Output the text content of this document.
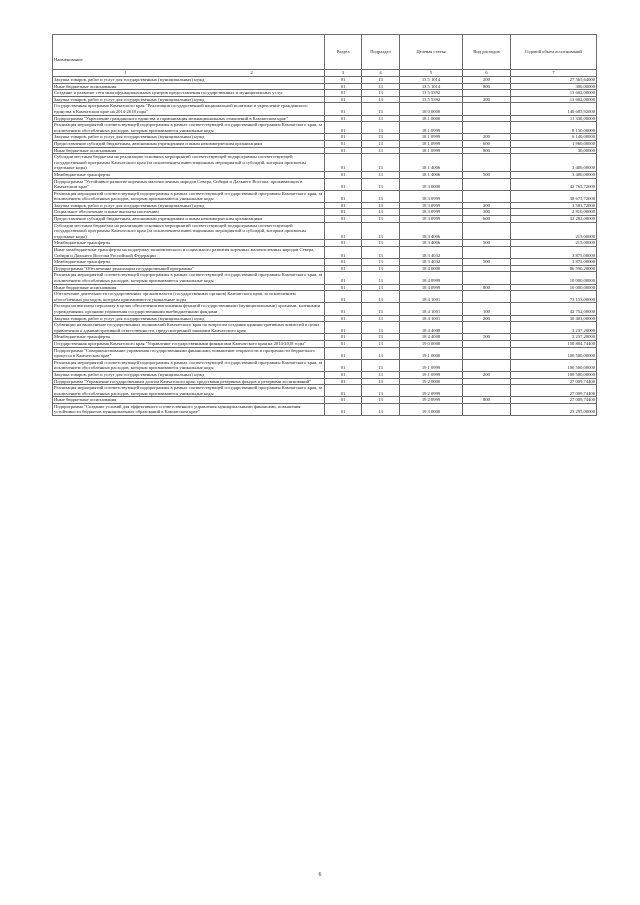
Наименование	Раздел	Подраздел	Целевая статья	Вид расходов	Годовой объем ассигнований
1 2	3	4	5	6	7
Закупка товаров, работ и услуг для государственных (муниципальных) нужд	01	13	13 5 1014	200	27 565,64000
Иные бюджетные ассигнования	01	13	13 5 1014	800	300,00000
Создание и развитие сети многофункциональных центров предоставления государственных и муниципальных услуг	01	13	13 5 5392		13 602,00000
Закупка товаров, работ и услуг для государственных (муниципальных) нужд	01	13	13 5 5392	200	13 602,00000
Государственная программа Камчатского края "Реализация государственной национальной политики и укрепление гражданского единства в Камчатском крае на 2014-2018 годы"	01	13	18 0 0000		140 685,92000
Подпрограмма "Укрепление гражданского единства и гармонизация межнациональных отношений в Камчатском крае"	01	13	18 1 0000		11 330,00000
Реализация мероприятий соответствующей подпрограммы в рамках соответствующей государственной программы Камчатского края, за исключением обособленных расходов, которым присваиваются уникальные коды	01	13	18 1 0999		8 130,00000
Закупка товаров, работ и услуг для государственных (муниципальных) нужд	01	13	18 1 0999	200	6 140,00000
Предоставление субсидий бюджетным, автономным учреждениям и иным некоммерческим организациям	01	13	18 1 0999	600	1 960,00000
Иные бюджетные ассигнования	01	13	18 1 0999	800	30,00000
Субсидии местным бюджетам на реализацию основных мероприятий соответствующей подпрограммы соответствующей государственной программы Камчатского края (за исключением инвестиционных мероприятий и субсидий, которым присвоены отдельные коды)	01	13	18 1 4006		3 400,00000
Межбюджетные трансферты	01	13	18 1 4006	500	3 400,00000
Подпрограмма "Устойчивое развитие коренных малочисленных народов Севера, Сибири и Дальнего Востока, проживающих в Камчатском крае"	01	13	18 3 0000		42 765,72000
Реализация мероприятий соответствующей подпрограммы в рамках соответствующей государственной программы Камчатского края, за исключением обособленных расходов, которым присваиваются уникальные коды	01	13	18 3 0999		38 675,72000
Закупка товаров, работ и услуг для государственных (муниципальных) нужд	01	13	18 3 0999	200	3 583,72000
Социальное обеспечение и иные выплаты населению	01	13	18 3 0999	300	2 810,00000
Предоставление субсидий бюджетным, автономным учреждениям и иным некоммерческим организациям	01	13	18 3 0999	600	32 282,00000
Субсидии местным бюджетам на реализацию основных мероприятий соответствующей подпрограммы соответствующей государственной программы Камчатского края (за исключением инвестиционных мероприятий и субсидий, которым присвоены отдельные коды)	01	13	18 3 4006		215,00000
Межбюджетные трансферты	01	13	18 3 4006	500	215,00000
Иные межбюджетные трансферты на поддержку экономического и социального развития коренных малочисленных народов Севера, Сибири и Дальнего Востока Российской Федерации	01	13	18 3 4032		3 875,00000
Межбюджетные трансферты	01	13	18 3 4032	500	3 875,00000
Подпрограмма "Обеспечение реализации государственной программы"	01	13	18 4 0000		86 590,20000
Реализация мероприятий соответствующей подпрограммы в рамках соответствующей государственной программы Камчатского края, за исключением обособленных расходов, которым присваиваются уникальные коды	01	13	18 4 0999		10 000,00000
Иные бюджетные ассигнования	01	13	18 4 0999	800	10 000,00000
Обеспечение деятельности государственных органов власти (государственных органов) Камчатского края, за исключением обособленных расходов, которым присваиваются уникальные коды	01	13	18 4 1001		73 153,00000
Расходы на выплаты персоналу в целях обеспечения выполнения функций государственными (муниципальными) органами, казенными учреждениями, органами управления государственными внебюджетными фондами	01	13	18 4 1001	100	42 752,00000
Закупка товаров, работ и услуг для государственных (муниципальных) нужд	01	13	18 4 1001	200	30 401,00000
Субвенции на выполнение государственных полномочий Камчатского края по вопросам создания административных комиссий в целях привлечения к административной ответственности, предусмотренной законами Камчатского края	01	13	18 4 4008		3 237,20000
Межбюджетные трансферты	01	13	18 4 4008	500	3 237,20000
Государственная программа Камчатского края "Управление государственными финансами Камчатского края на 2014-2018 годы"	01	13	19 0 0000		150 804,74400
Подпрограмма "Совершенствование управления государственными финансами, повышение открытости и прозрачности бюджетного процесса в Камчатском крае"	01	13	19 1 0000		100 500,00000
Реализация мероприятий соответствующей подпрограммы в рамках соответствующей государственной программы Камчатского края, за исключением обособленных расходов, которым присваиваются уникальные коды	01	13	19 1 0999		100 500,00000
Закупка товаров, работ и услуг для государственных (муниципальных) нужд	01	13	19 1 0999	200	100 500,00000
Подпрограмма "Управление государственным долгом Камчатского края, средствами резервных фондов и резервами ассигнований"	01	13	19 2 0000		27 009,74400
Реализация мероприятий соответствующей подпрограммы в рамках соответствующей государственной программы Камчатского края, за исключением обособленных расходов, которым присваиваются уникальные коды	01	13	19 2 0999		27 009,74400
Иные бюджетные ассигнования	01	13	19 2 0999	800	27 009,74400
Подпрограмма "Создание условий для эффективного и ответственного управления муниципальными финансами, повышения устойчивости бюджетов муниципальных образований в Камчатском крае"	01	13	19 3 0000		23 295,00000
6
